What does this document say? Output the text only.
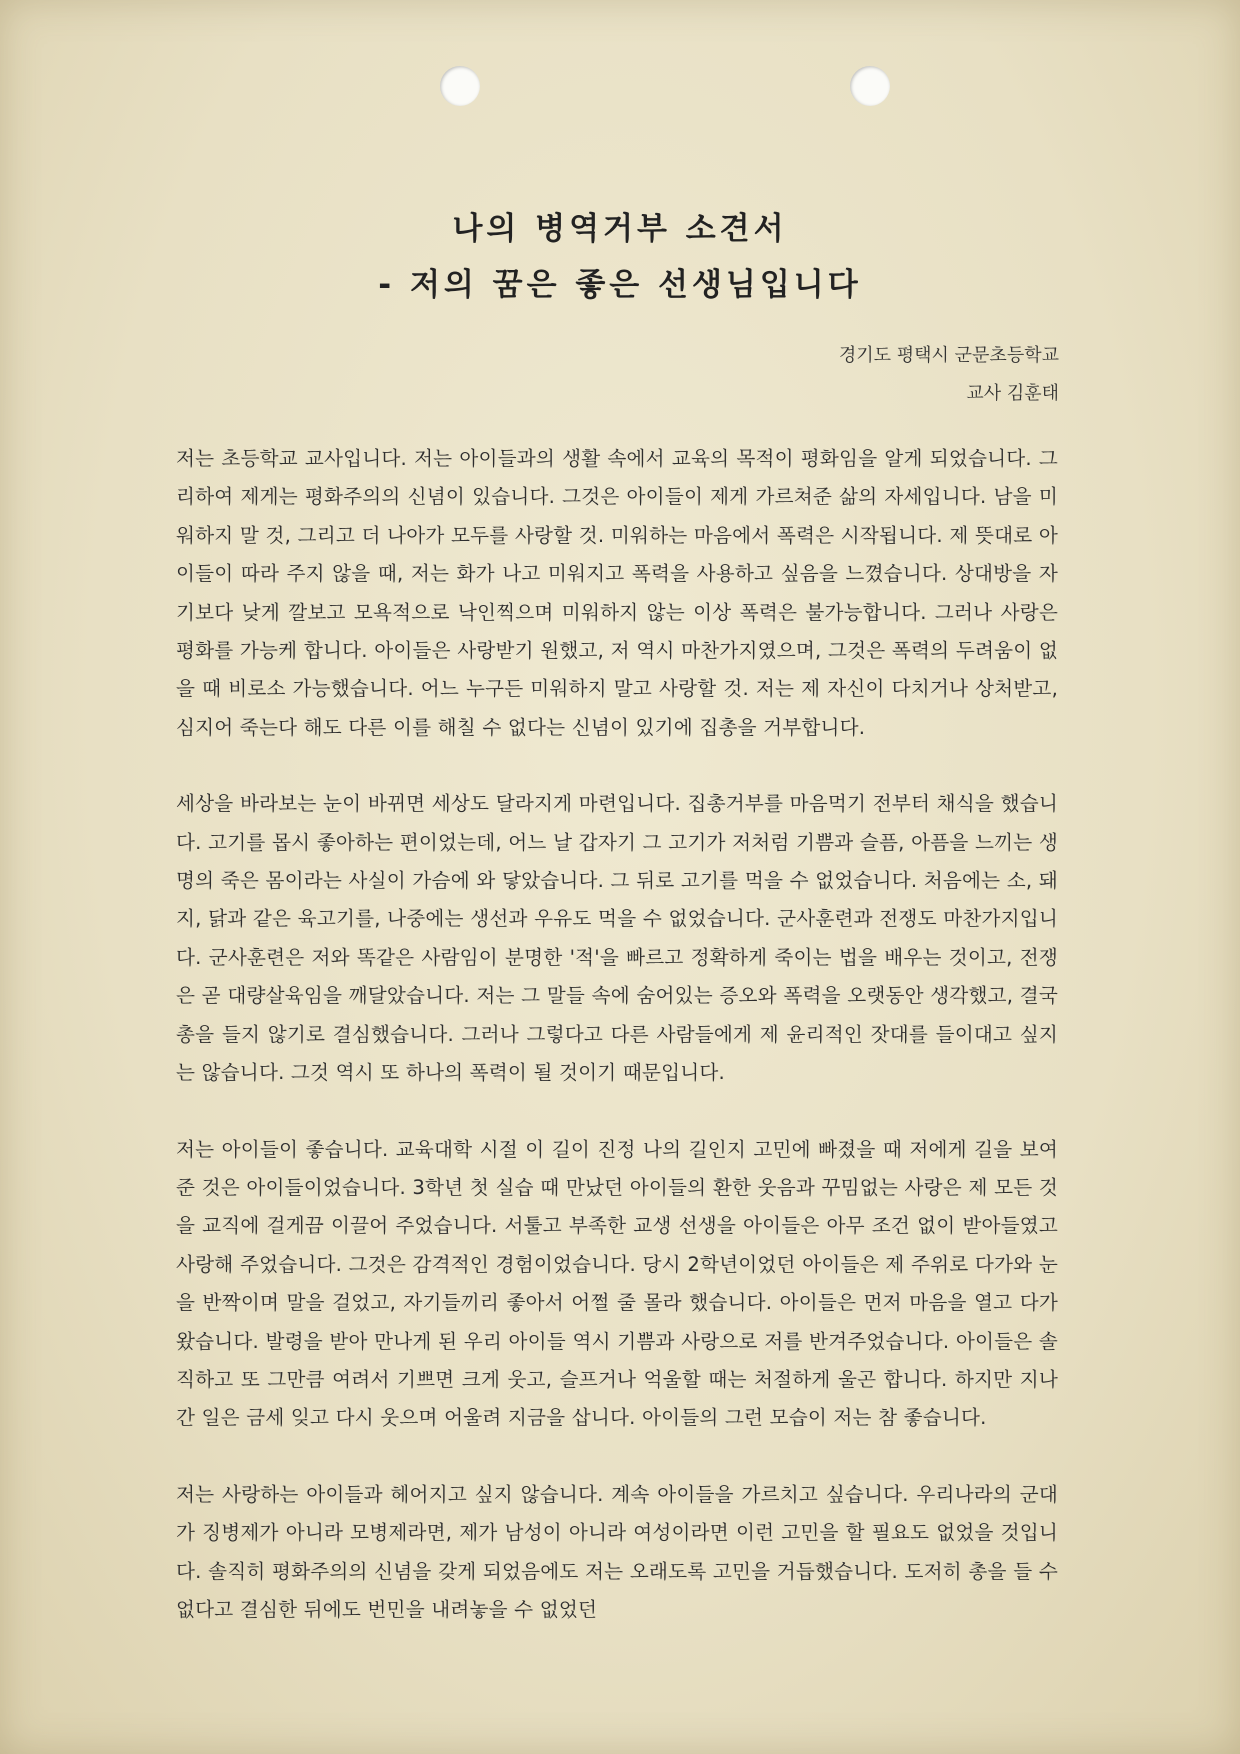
나의 병역거부 소견서
- 저의 꿈은 좋은 선생님입니다
경기도 평택시 군문초등학교
교사 김훈태

저는 초등학교 교사입니다. 저는 아이들과의 생활 속에서 교육의 목적이 평화임을 알게 되었습니다. 그리하여 제게는 평화주의의 신념이 있습니다. 그것은 아이들이 제게 가르쳐준 삶의 자세입니다. 남을 미워하지 말 것, 그리고 더 나아가 모두를 사랑할 것. 미워하는 마음에서 폭력은 시작됩니다. 제 뜻대로 아이들이 따라 주지 않을 때, 저는 화가 나고 미워지고 폭력을 사용하고 싶음을 느꼈습니다. 상대방을 자기보다 낮게 깔보고 모욕적으로 낙인찍으며 미워하지 않는 이상 폭력은 불가능합니다. 그러나 사랑은 평화를 가능케 합니다. 아이들은 사랑받기 원했고, 저 역시 마찬가지였으며, 그것은 폭력의 두려움이 없을 때 비로소 가능했습니다. 어느 누구든 미워하지 말고 사랑할 것. 저는 제 자신이 다치거나 상처받고, 심지어 죽는다 해도 다른 이를 해칠 수 없다는 신념이 있기에 집총을 거부합니다.

세상을 바라보는 눈이 바뀌면 세상도 달라지게 마련입니다. 집총거부를 마음먹기 전부터 채식을 했습니다. 고기를 몹시 좋아하는 편이었는데, 어느 날 갑자기 그 고기가 저처럼 기쁨과 슬픔, 아픔을 느끼는 생명의 죽은 몸이라는 사실이 가슴에 와 닿았습니다. 그 뒤로 고기를 먹을 수 없었습니다. 처음에는 소, 돼지, 닭과 같은 육고기를, 나중에는 생선과 우유도 먹을 수 없었습니다. 군사훈련과 전쟁도 마찬가지입니다. 군사훈련은 저와 똑같은 사람임이 분명한 '적'을 빠르고 정확하게 죽이는 법을 배우는 것이고, 전쟁은 곧 대량살육임을 깨달았습니다. 저는 그 말들 속에 숨어있는 증오와 폭력을 오랫동안 생각했고, 결국 총을 들지 않기로 결심했습니다. 그러나 그렇다고 다른 사람들에게 제 윤리적인 잣대를 들이대고 싶지는 않습니다. 그것 역시 또 하나의 폭력이 될 것이기 때문입니다.

저는 아이들이 좋습니다. 교육대학 시절 이 길이 진정 나의 길인지 고민에 빠졌을 때 저에게 길을 보여준 것은 아이들이었습니다. 3학년 첫 실습 때 만났던 아이들의 환한 웃음과 꾸밈없는 사랑은 제 모든 것을 교직에 걸게끔 이끌어 주었습니다. 서툴고 부족한 교생 선생을 아이들은 아무 조건 없이 받아들였고 사랑해 주었습니다. 그것은 감격적인 경험이었습니다. 당시 2학년이었던 아이들은 제 주위로 다가와 눈을 반짝이며 말을 걸었고, 자기들끼리 좋아서 어쩔 줄 몰라 했습니다. 아이들은 먼저 마음을 열고 다가왔습니다. 발령을 받아 만나게 된 우리 아이들 역시 기쁨과 사랑으로 저를 반겨주었습니다. 아이들은 솔직하고 또 그만큼 여려서 기쁘면 크게 웃고, 슬프거나 억울할 때는 처절하게 울곤 합니다. 하지만 지나간 일은 금세 잊고 다시 웃으며 어울려 지금을 삽니다. 아이들의 그런 모습이 저는 참 좋습니다.

저는 사랑하는 아이들과 헤어지고 싶지 않습니다. 계속 아이들을 가르치고 싶습니다. 우리나라의 군대가 징병제가 아니라 모병제라면, 제가 남성이 아니라 여성이라면 이런 고민을 할 필요도 없었을 것입니다. 솔직히 평화주의의 신념을 갖게 되었음에도 저는 오래도록 고민을 거듭했습니다. 도저히 총을 들 수 없다고 결심한 뒤에도 번민을 내려놓을 수 없었던
